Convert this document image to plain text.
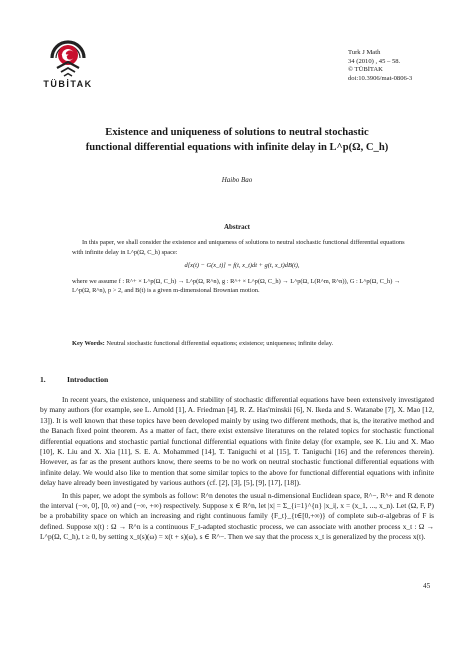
TÜBİTAK
Turk J Math
34 (2010) , 45 – 58.
© TÜBİTAK
doi:10.3906/mat-0806-3
Existence and uniqueness of solutions to neutral stochastic
functional differential equations with infinite delay in L^p(Ω, C_h)
Haibo Bao
Abstract

In this paper, we shall consider the existence and uniqueness of solutions to neutral stochastic functional differential equations with infinite delay in L^p(Ω, C_h) space:

d[x(t) − G(x_t)] = f(t, x_t)dt + g(t, x_t)dB(t),

where we assume f : R^+ × L^p(Ω, C_h) → L^p(Ω, R^n), g : R^+ × L^p(Ω, C_h) → L^p(Ω, L(R^m, R^n)), G : L^p(Ω, C_h) → L^p(Ω, R^n), p > 2, and B(t) is a given m-dimensional Brownian motion.

Key Words: Neutral stochastic functional differential equations; existence; uniqueness; infinite delay.
1.	Introduction

In recent years, the existence, uniqueness and stability of stochastic differential equations have been extensively investigated by many authors (for example, see L. Arnold [1], A. Friedman [4], R. Z. Has'minskii [6], N. Ikeda and S. Watanabe [7], X. Mao [12, 13]). It is well known that these topics have been developed mainly by using two different methods, that is, the iterative method and the Banach fixed point theorem. As a matter of fact, there exist extensive literatures on the related topics for stochastic functional differential equations and stochastic partial functional differential equations with finite delay (for example, see K. Liu and X. Mao [10], K. Liu and X. Xia [11], S. E. A. Mohammed [14], T. Taniguchi et al [15], T. Taniguchi [16] and the references therein). However, as far as the present authors know, there seems to be no work on neutral stochastic functional differential equations with infinite delay. We would also like to mention that some similar topics to the above for functional differential equations with infinite delay have already been investigated by various authors (cf. [2], [3], [5], [9], [17], [18]).

In this paper, we adopt the symbols as follow: R^n denotes the usual n-dimensional Euclidean space, R^−, R^+ and R denote the interval (−∞, 0], [0, ∞) and (−∞, +∞) respectively. Suppose x ∈ R^n, let |x| = Σ_{i=1}^{n} |x_i|, x = (x_1, ..., x_n). Let (Ω, F, P) be a probability space on which an increasing and right continuous family {F_t}_{t∈[0,+∞)} of complete sub-σ-algebras of F is defined. Suppose x(t) : Ω → R^n is a continuous F_t-adapted stochastic process, we can associate with another process x_t : Ω → L^p(Ω, C_h), t ≥ 0, by setting x_t(s)(ω) = x(t + s)(ω), s ∈ R^−. Then we say that the process x_t is generalized by the process x(t).

45
